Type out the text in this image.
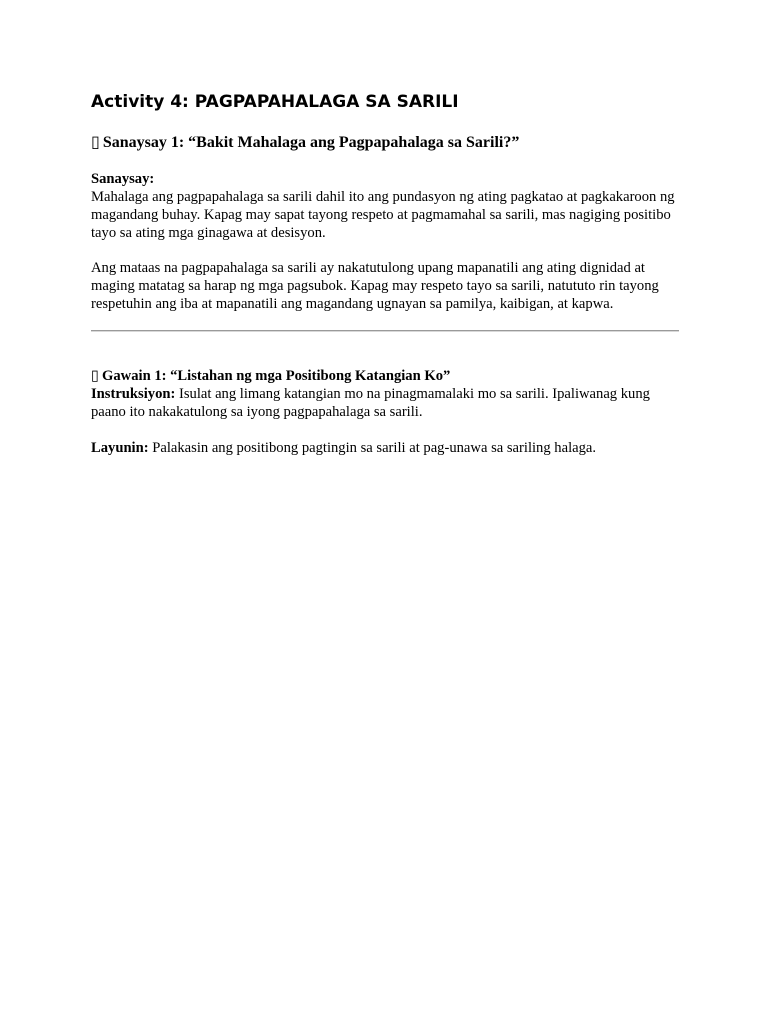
Activity 4: PAGPAPAHALAGA SA SARILI
▯ Sanaysay 1: “Bakit Mahalaga ang Pagpapahalaga sa Sarili?”
Sanaysay:

Mahalaga ang pagpapahalaga sa sarili dahil ito ang pundasyon ng ating pagkatao at pagkakaroon ng magandang buhay. Kapag may sapat tayong respeto at pagmamahal sa sarili, mas nagiging positibo tayo sa ating mga ginagawa at desisyon.

Ang mataas na pagpapahalaga sa sarili ay nakatutulong upang mapanatili ang ating dignidad at maging matatag sa harap ng mga pagsubok. Kapag may respeto tayo sa sarili, natututo rin tayong respetuhin ang iba at mapanatili ang magandang ugnayan sa pamilya, kaibigan, at kapwa.

▯ Gawain 1: “Listahan ng mga Positibong Katangian Ko”

Instruksiyon: Isulat ang limang katangian mo na pinagmamalaki mo sa sarili. Ipaliwanag kung paano ito nakakatulong sa iyong pagpapahalaga sa sarili.

Layunin: Palakasin ang positibong pagtingin sa sarili at pag-unawa sa sariling halaga.
